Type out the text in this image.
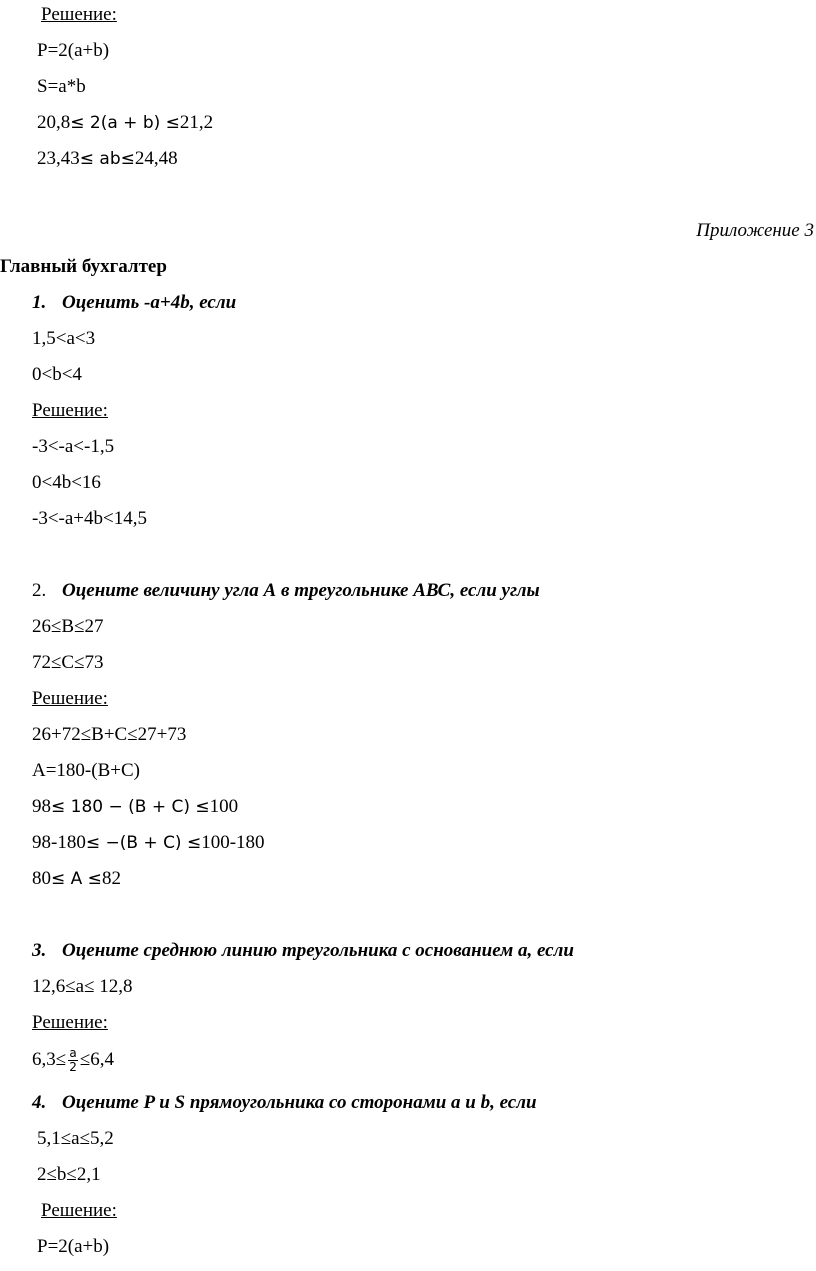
Решение:
P=2(a+b)
S=a*b
20,8≤ 2(a + b) ≤21,2
23,43≤ ab≤24,48
Приложение 3
Главный бухгалтер
1. Оценить -a+4b, если
1,5<a<3
0<b<4
Решение:
-3<-a<-1,5
0<4b<16
-3<-a+4b<14,5
2. Оцените величину угла А в треугольнике АВС, если углы
26≤В≤27
72≤С≤73
Решение:
26+72≤В+С≤27+73
А=180-(В+С)
98≤ 180 − (B + C) ≤100
98-180≤ −(B + C) ≤100-180
80≤ A ≤82
3. Оцените среднюю линию треугольника с основанием a, если
12,6≤a≤ 12,8
Решение:
$6,3\le \frac{a}{2} \le 6,4$
4. Оцените P и S прямоугольника со сторонами a и b, если
5,1≤a≤5,2
2≤b≤2,1
Решение:
P=2(a+b)
